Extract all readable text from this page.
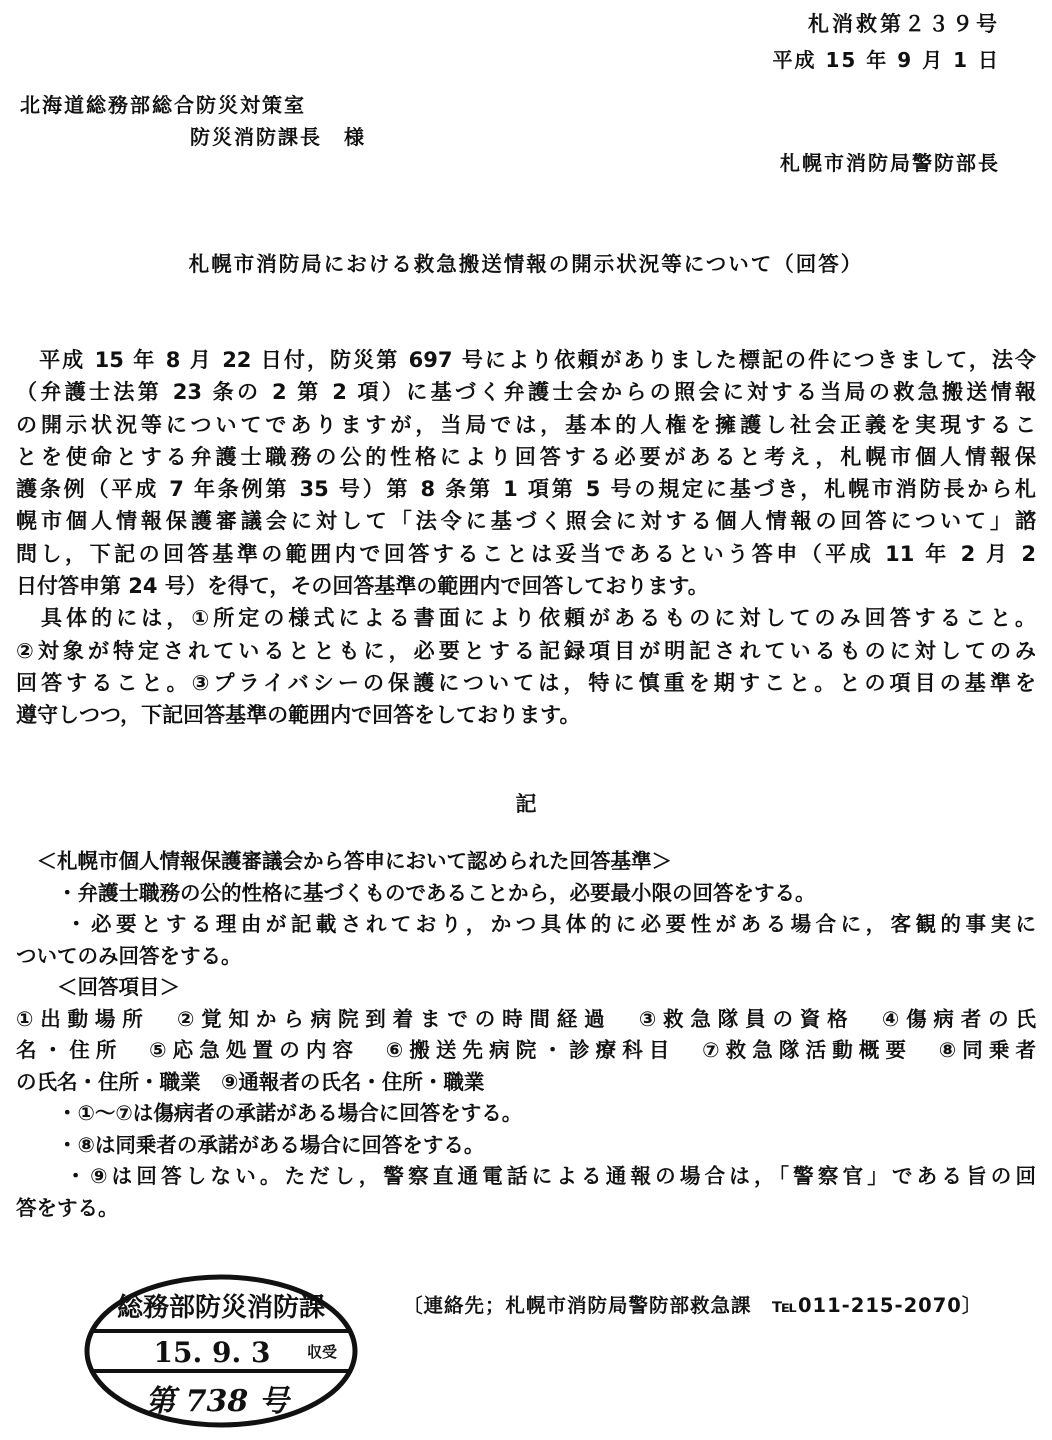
札消救第２３９号
平成 15 年 9 月 1 日
北海道総務部総合防災対策室
防災消防課長　様
札幌市消防局警防部長
札幌市消防局における救急搬送情報の開示状況等について（回答）
　平成 15 年 8 月 22 日付，防災第 697 号により依頼がありました標記の件につきまして，法令
（弁護士法第 23 条の 2 第 2 項）に基づく弁護士会からの照会に対する当局の救急搬送情報
の開示状況等についてでありますが，当局では，基本的人権を擁護し社会正義を実現するこ
とを使命とする弁護士職務の公的性格により回答する必要があると考え，札幌市個人情報保
護条例（平成 7 年条例第 35 号）第 8 条第 1 項第 5 号の規定に基づき，札幌市消防長から札
幌市個人情報保護審議会に対して「法令に基づく照会に対する個人情報の回答について」諮
問し，下記の回答基準の範囲内で回答することは妥当であるという答申（平成 11 年 2 月 2
日付答申第 24 号）を得て，その回答基準の範囲内で回答しております。
　具体的には，①所定の様式による書面により依頼があるものに対してのみ回答すること。
②対象が特定されているとともに，必要とする記録項目が明記されているものに対してのみ
回答すること。③プライバシーの保護については，特に慎重を期すこと。との項目の基準を
遵守しつつ，下記回答基準の範囲内で回答をしております。
記
　＜札幌市個人情報保護審議会から答申において認められた回答基準＞
　　・弁護士職務の公的性格に基づくものであることから，必要最小限の回答をする。
　　・必要とする理由が記載されており，かつ具体的に必要性がある場合に，客観的事実に
ついてのみ回答をする。
　　＜回答項目＞
①出動場所　②覚知から病院到着までの時間経過　③救急隊員の資格　④傷病者の氏
名・住所　⑤応急処置の内容　⑥搬送先病院・診療科目　⑦救急隊活動概要　⑧同乗者
の氏名・住所・職業　⑨通報者の氏名・住所・職業
　　・①～⑦は傷病者の承諾がある場合に回答をする。
　　・⑧は同乗者の承諾がある場合に回答をする。
　　・⑨は回答しない。ただし，警察直通電話による通報の場合は，「警察官」である旨の回
答をする。
〔連絡先；札幌市消防局警防部救急課　℡011-215-2070〕
総務部防災消防課
15. 9. 3 収受
第 738 号
